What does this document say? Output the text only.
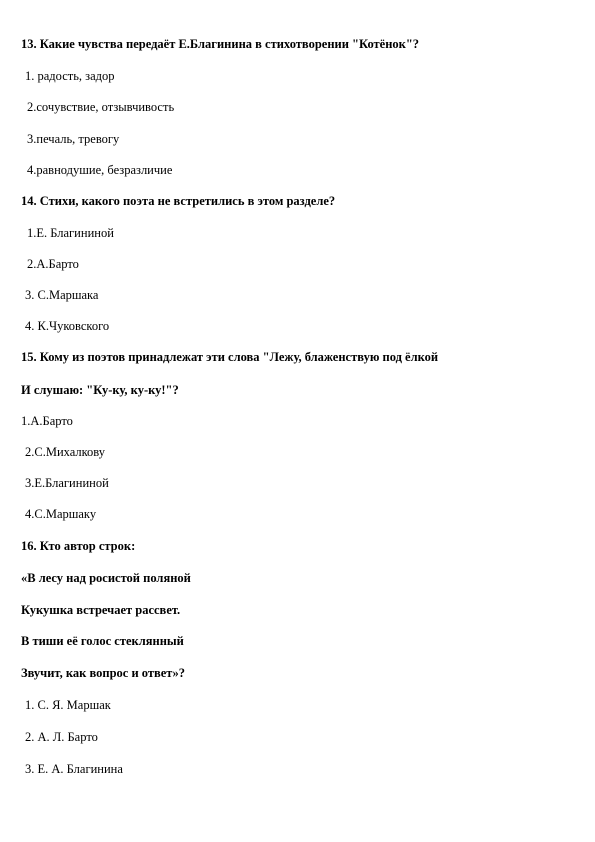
13. Какие чувства передаёт Е.Благинина в стихотворении "Котёнок"?
1. радость, задор
2.сочувствие, отзывчивость
3.печаль, тревогу
4.равнодушие, безразличие
14. Стихи, какого поэта не встретились в этом разделе?
1.Е. Благининой
2.А.Барто
3. С.Маршака
4. К.Чуковского
15. Кому из поэтов принадлежат эти слова "Лежу, блаженствую под ёлкой
И слушаю: "Ку-ку, ку-ку!"?
1.А.Барто
2.С.Михалкову
3.Е.Благининой
4.С.Маршаку
16. Кто автор строк:
«В лесу над росистой поляной
Кукушка встречает рассвет.
В тиши её голос стеклянный
Звучит, как вопрос и ответ»?
1. С. Я. Маршак
2. А. Л. Барто
3. Е. А. Благинина
